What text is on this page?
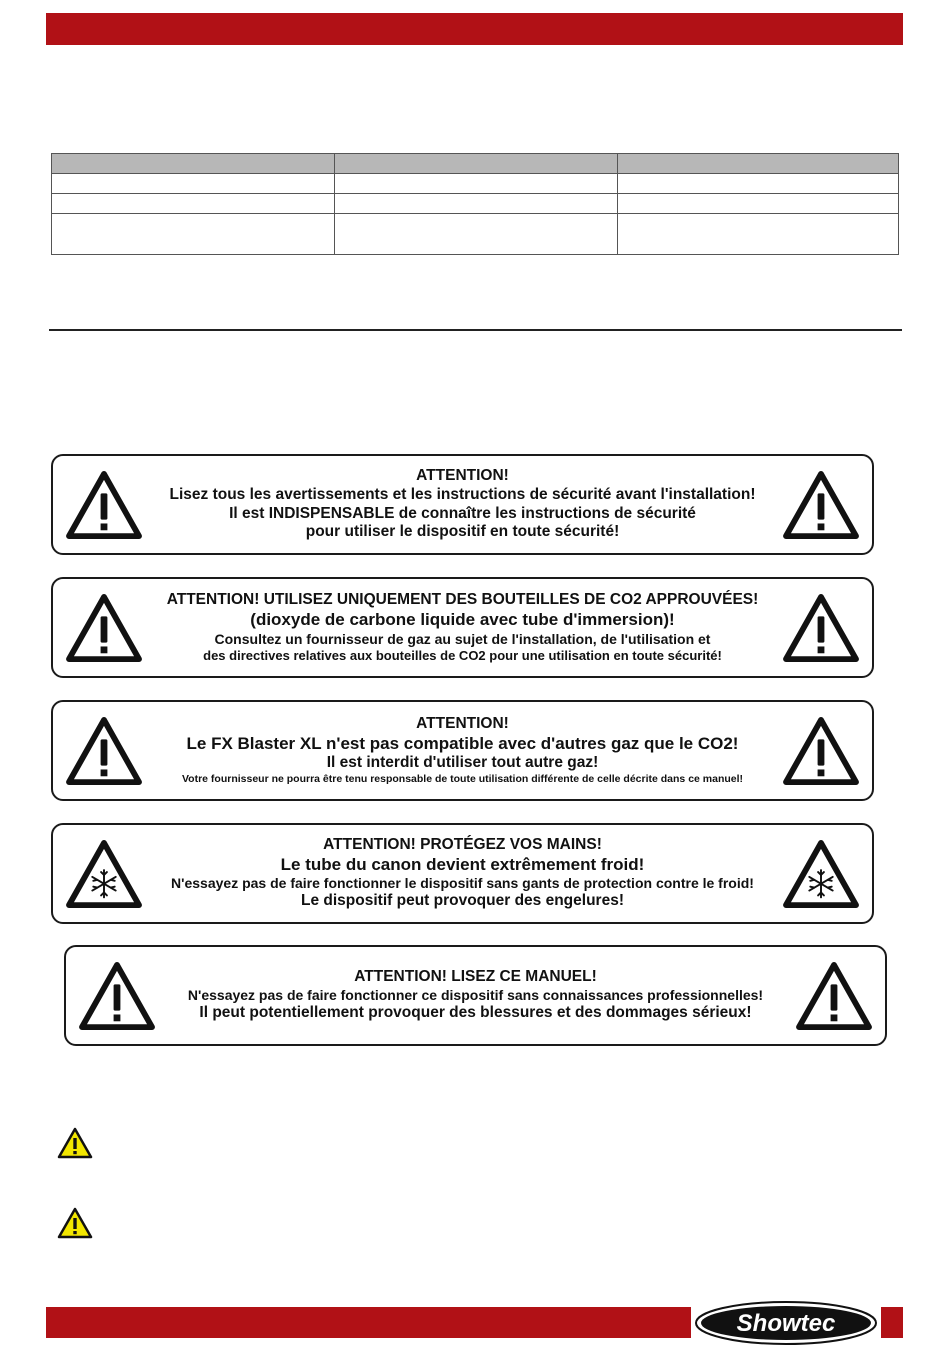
ATTENTION!
Lisez tous les avertissements et les instructions de sécurité avant l'installation!
Il est INDISPENSABLE de connaître les instructions de sécurité
pour utiliser le dispositif en toute sécurité!
ATTENTION! UTILISEZ UNIQUEMENT DES BOUTEILLES DE CO2 APPROUVÉES!
(dioxyde de carbone liquide avec tube d'immersion)!
Consultez un fournisseur de gaz au sujet de l'installation, de l'utilisation et
des directives relatives aux bouteilles de CO2 pour une utilisation en toute sécurité!
ATTENTION!
Le FX Blaster XL n'est pas compatible avec d'autres gaz que le CO2!
Il est interdit d'utiliser tout autre gaz!
Votre fournisseur ne pourra être tenu responsable de toute utilisation différente de celle décrite dans ce manuel!
ATTENTION! PROTÉGEZ VOS MAINS!
Le tube du canon devient extrêmement froid!
N'essayez pas de faire fonctionner le dispositif sans gants de protection contre le froid!
Le dispositif peut provoquer des engelures!
ATTENTION! LISEZ CE MANUEL!
N'essayez pas de faire fonctionner ce dispositif sans connaissances professionnelles!
Il peut potentiellement provoquer des blessures et des dommages sérieux!
Showtec
